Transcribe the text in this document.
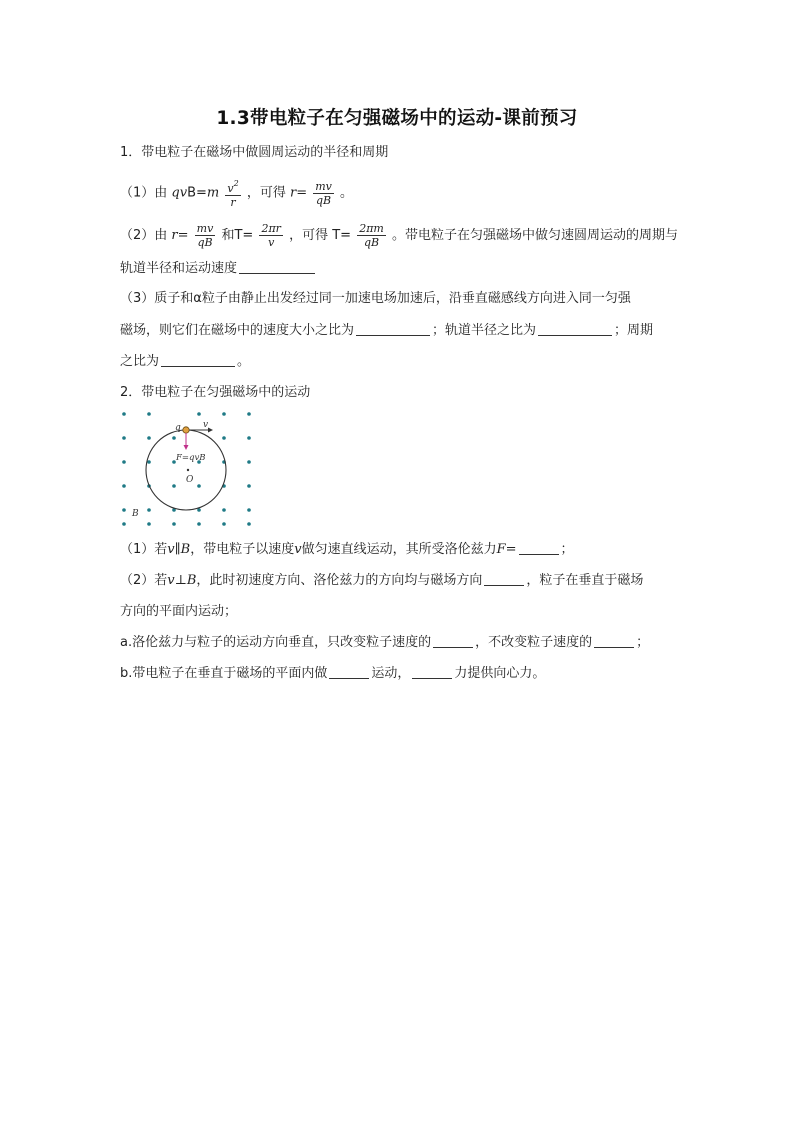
1.3带电粒子在匀强磁场中的运动-课前预习
1．带电粒子在磁场中做圆周运动的半径和周期
（1）由 $qvB=m \frac{v^2}{r}$ ，可得 $r= \frac{mv}{qB}$ 。
（2）由 $r= \frac{mv}{qB}$ 和$T= \frac{2\pi r}{v}$ ，可得 $T= \frac{2\pi m}{qB}$ 。带电粒子在匀强磁场中做匀速圆周运动的周期与
轨道半径和运动速度
（3）质子和α粒子由静止出发经过同一加速电场加速后，沿垂直磁感线方向进入同一匀强
磁场，则它们在磁场中的速度大小之比为	；轨道半径之比为	；周期
之比为	。
2．带电粒子在匀强磁场中的运动
q v
F=qvB
O
B
（1）若v∥B，带电粒子以速度v做匀速直线运动，其所受洛伦兹力F=	；
（2）若v⊥B，此时初速度方向、洛伦兹力的方向均与磁场方向	，粒子在垂直于磁场
方向的平面内运动；
a.洛伦兹力与粒子的运动方向垂直，只改变粒子速度的	，不改变粒子速度的	；
b.带电粒子在垂直于磁场的平面内做	运动，	力提供向心力。
